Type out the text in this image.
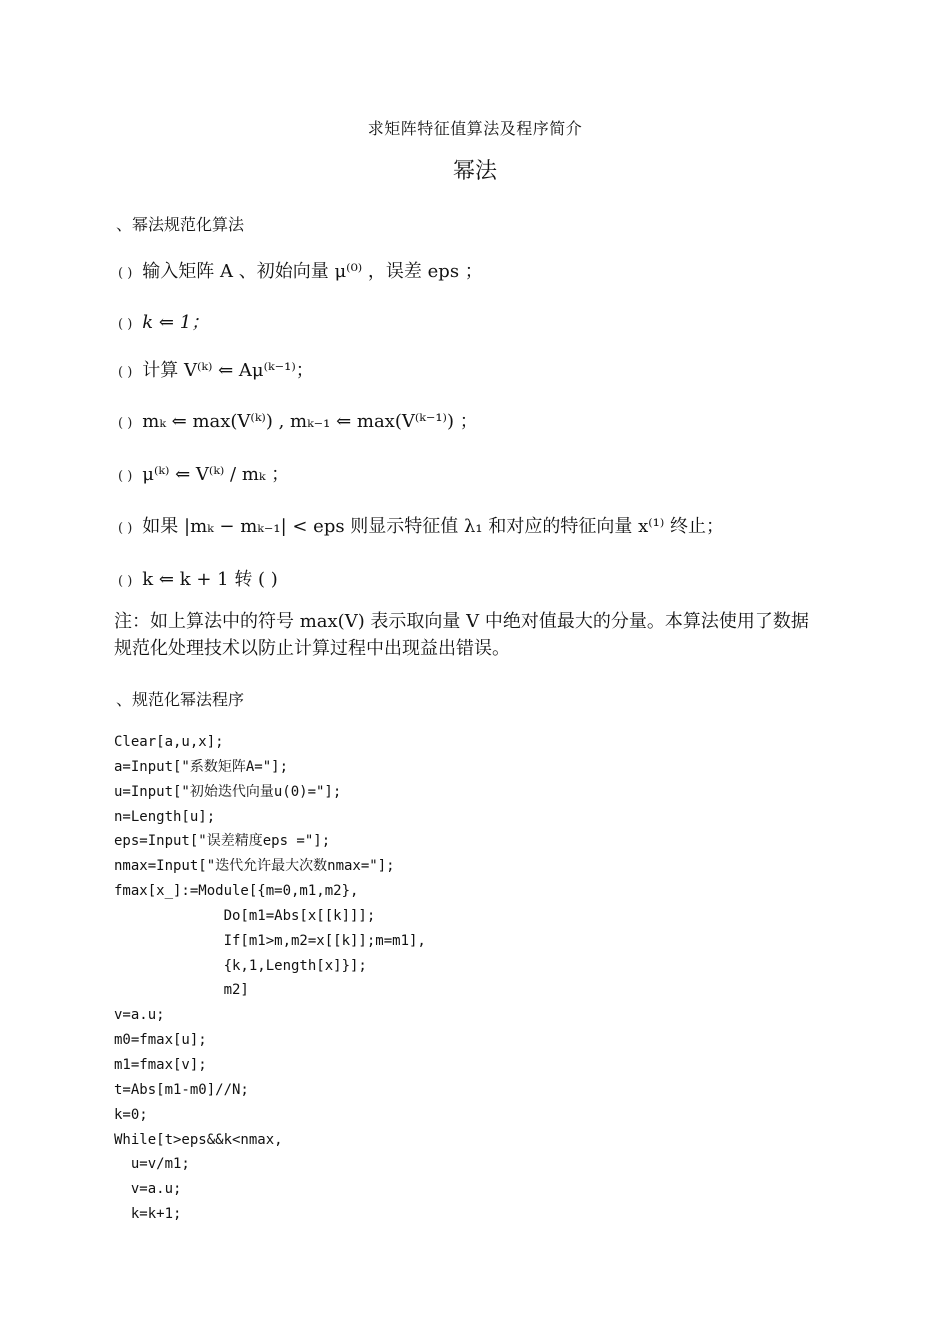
求矩阵特征值算法及程序简介
幂法
、幂法规范化算法
( ) 输入矩阵 A 、初始向量 μ⁽⁰⁾ ，误差 eps ；
( ) k ⇐ 1；
( ) 计算 V⁽ᵏ⁾ ⇐ Aμ⁽ᵏ⁻¹⁾；
( ) mₖ ⇐ max(V⁽ᵏ⁾) , mₖ₋₁ ⇐ max(V⁽ᵏ⁻¹⁾) ；
( ) μ⁽ᵏ⁾ ⇐ V⁽ᵏ⁾ / mₖ ；
( ) 如果 |mₖ − mₖ₋₁| < eps 则显示特征值 λ₁ 和对应的特征向量 x⁽¹⁾ 终止；
( ) k ⇐ k + 1 转 ( )
注：如上算法中的符号 max(V) 表示取向量 V 中绝对值最大的分量。本算法使用了数据
规范化处理技术以防止计算过程中出现益出错误。
、规范化幂法程序
Clear[a,u,x];
a=Input["系数矩阵A="];
u=Input["初始迭代向量u(0)="];
n=Length[u];
eps=Input["误差精度eps ="];
nmax=Input["迭代允许最大次数nmax="];
fmax[x_]:=Module[{m=0,m1,m2},
Do[m1=Abs[x[[k]]];
If[m1>m,m2=x[[k]];m=m1],
{k,1,Length[x]}];
m2]
v=a.u;
m0=fmax[u];
m1=fmax[v];
t=Abs[m1-m0]//N;
k=0;
While[t>eps&&k<nmax,
u=v/m1;
v=a.u;
k=k+1;
